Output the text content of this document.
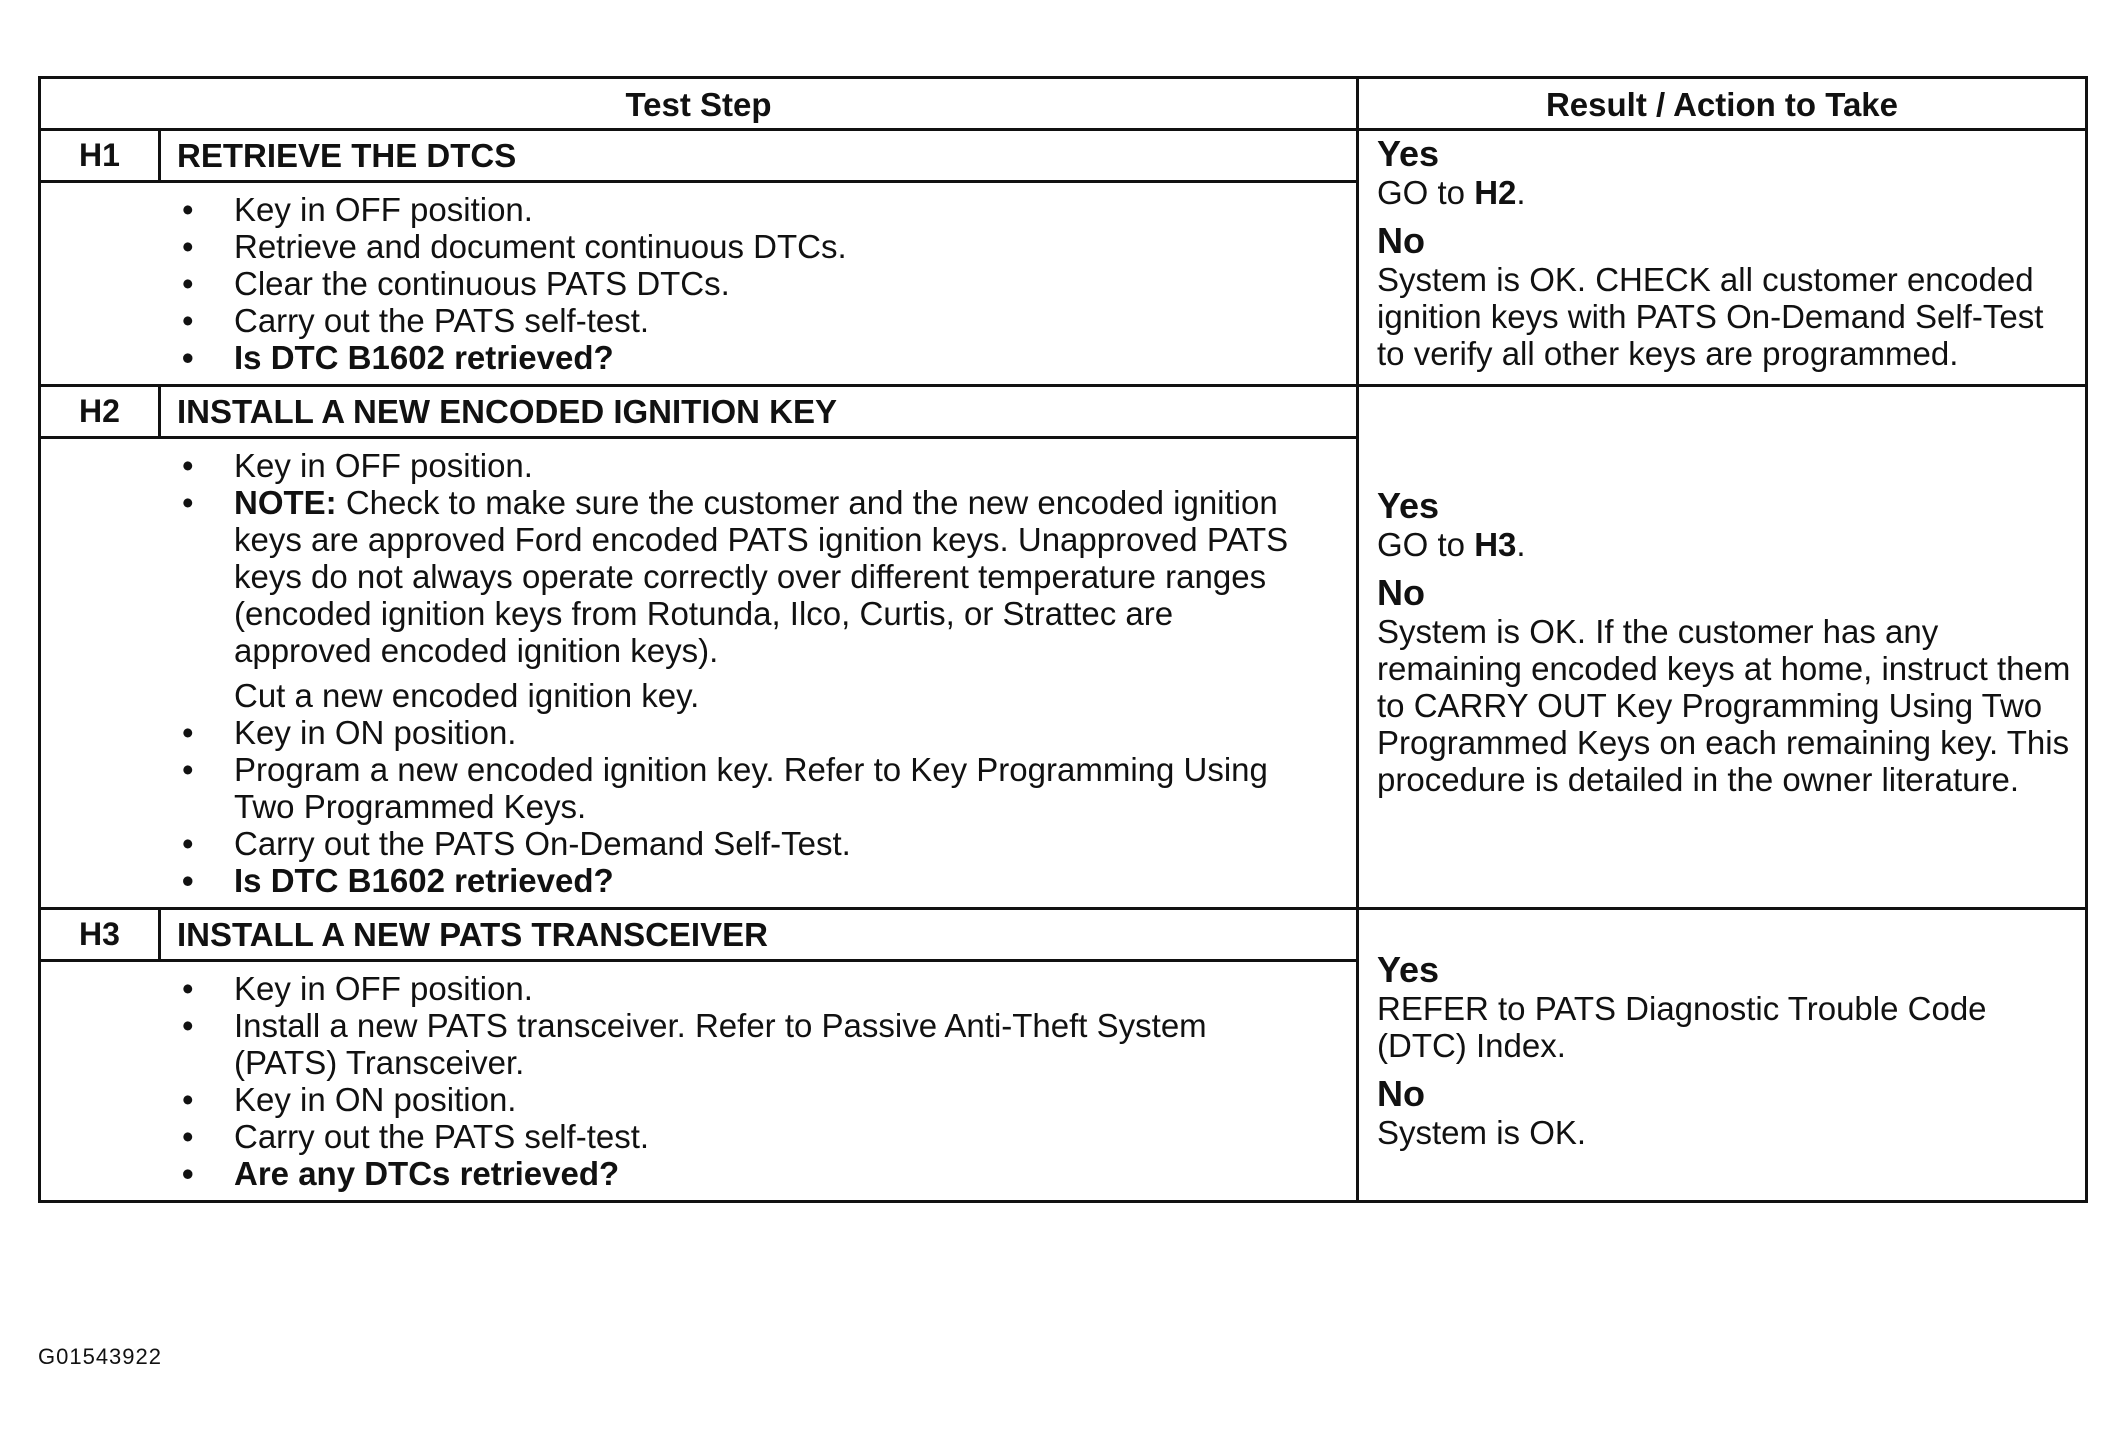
Test Step	Result / Action to Take
H1	RETRIEVE THE DTCS
• Key in OFF position.
• Retrieve and document continuous DTCs.
• Clear the continuous PATS DTCs.
• Carry out the PATS self-test.
• Is DTC B1602 retrieved?
Yes
GO to H2.
No
System is OK. CHECK all customer encoded ignition keys with PATS On-Demand Self-Test to verify all other keys are programmed.
H2	INSTALL A NEW ENCODED IGNITION KEY
• Key in OFF position.
• NOTE: Check to make sure the customer and the new encoded ignition keys are approved Ford encoded PATS ignition keys. Unapproved PATS keys do not always operate correctly over different temperature ranges (encoded ignition keys from Rotunda, Ilco, Curtis, or Strattec are approved encoded ignition keys).
Cut a new encoded ignition key.
• Key in ON position.
• Program a new encoded ignition key. Refer to Key Programming Using Two Programmed Keys.
• Carry out the PATS On-Demand Self-Test.
• Is DTC B1602 retrieved?
Yes
GO to H3.
No
System is OK. If the customer has any remaining encoded keys at home, instruct them to CARRY OUT Key Programming Using Two Programmed Keys on each remaining key. This procedure is detailed in the owner literature.
H3	INSTALL A NEW PATS TRANSCEIVER
• Key in OFF position.
• Install a new PATS transceiver. Refer to Passive Anti-Theft System (PATS) Transceiver.
• Key in ON position.
• Carry out the PATS self-test.
• Are any DTCs retrieved?
Yes
REFER to PATS Diagnostic Trouble Code (DTC) Index.
No
System is OK.
G01543922
